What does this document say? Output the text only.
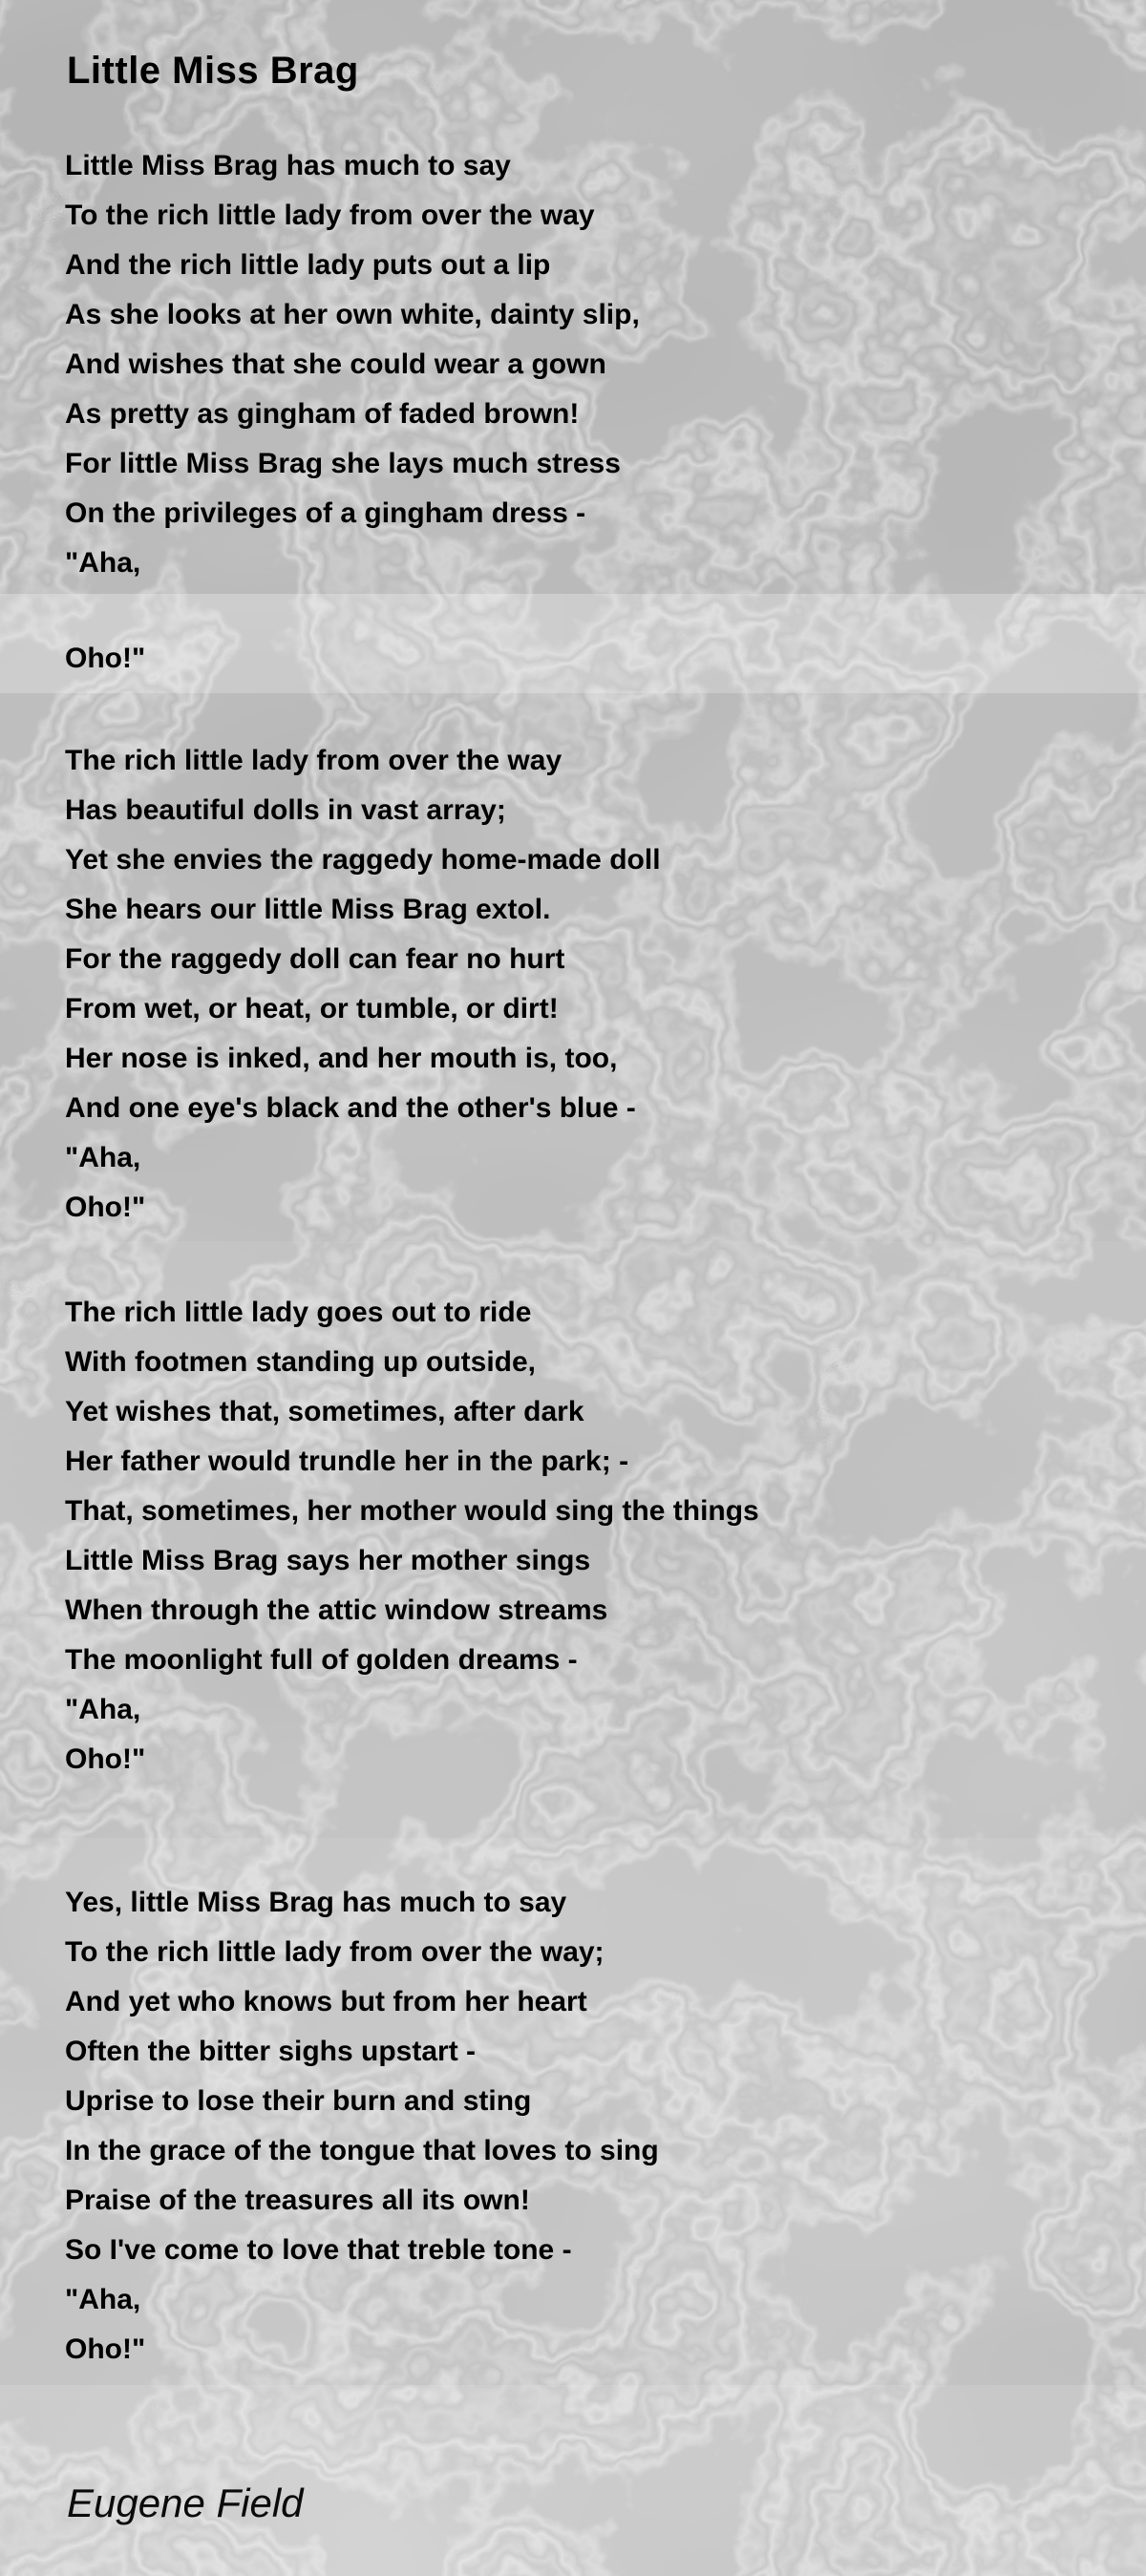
Little Miss Brag
Little Miss Brag has much to say
To the rich little lady from over the way
And the rich little lady puts out a lip
As she looks at her own white, dainty slip,
And wishes that she could wear a gown
As pretty as gingham of faded brown!
For little Miss Brag she lays much stress
On the privileges of a gingham dress -
"Aha,
Oho!"
The rich little lady from over the way
Has beautiful dolls in vast array;
Yet she envies the raggedy home-made doll
She hears our little Miss Brag extol.
For the raggedy doll can fear no hurt
From wet, or heat, or tumble, or dirt!
Her nose is inked, and her mouth is, too,
And one eye's black and the other's blue -
"Aha,
Oho!"
The rich little lady goes out to ride
With footmen standing up outside,
Yet wishes that, sometimes, after dark
Her father would trundle her in the park; -
That, sometimes, her mother would sing the things
Little Miss Brag says her mother sings
When through the attic window streams
The moonlight full of golden dreams -
"Aha,
Oho!"
Yes, little Miss Brag has much to say
To the rich little lady from over the way;
And yet who knows but from her heart
Often the bitter sighs upstart -
Uprise to lose their burn and sting
In the grace of the tongue that loves to sing
Praise of the treasures all its own!
So I've come to love that treble tone -
"Aha,
Oho!"
Eugene Field
